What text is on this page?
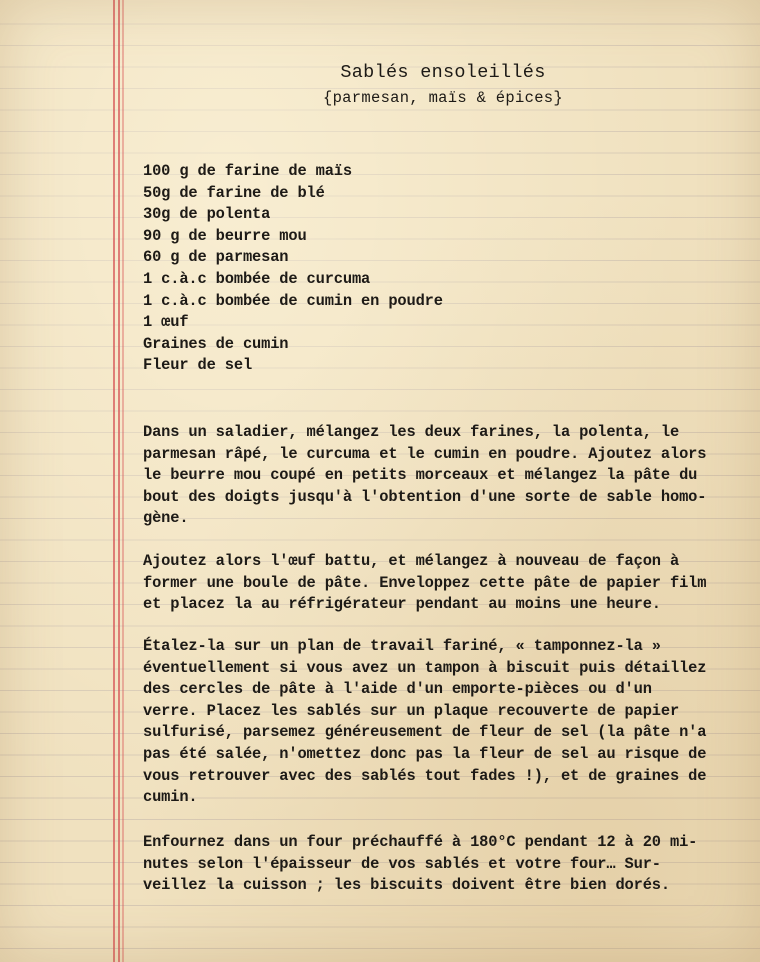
Sablés ensoleillés
{parmesan, maïs & épices}
100 g de farine de maïs
50g de farine de blé
30g de polenta
90 g de beurre mou
60 g de parmesan
1 c.à.c bombée de curcuma
1 c.à.c bombée de cumin en poudre
1 œuf
Graines de cumin
Fleur de sel
Dans un saladier, mélangez les deux farines, la polenta, le
parmesan râpé, le curcuma et le cumin en poudre. Ajoutez alors
le beurre mou coupé en petits morceaux et mélangez la pâte du
bout des doigts jusqu'à l'obtention d'une sorte de sable homo-
gène.
Ajoutez alors l'œuf battu, et mélangez à nouveau de façon à
former une boule de pâte. Enveloppez cette pâte de papier film
et placez la au réfrigérateur pendant au moins une heure.
Étalez-la sur un plan de travail fariné, « tamponnez-la »
éventuellement si vous avez un tampon à biscuit puis détaillez
des cercles de pâte à l'aide d'un emporte-pièces ou d'un
verre. Placez les sablés sur un plaque recouverte de papier
sulfurisé, parsemez généreusement de fleur de sel (la pâte n'a
pas été salée, n'omettez donc pas la fleur de sel au risque de
vous retrouver avec des sablés tout fades !), et de graines de
cumin.
Enfournez dans un four préchauffé à 180°C pendant 12 à 20 mi-
nutes selon l'épaisseur de vos sablés et votre four… Sur-
veillez la cuisson ; les biscuits doivent être bien dorés.
